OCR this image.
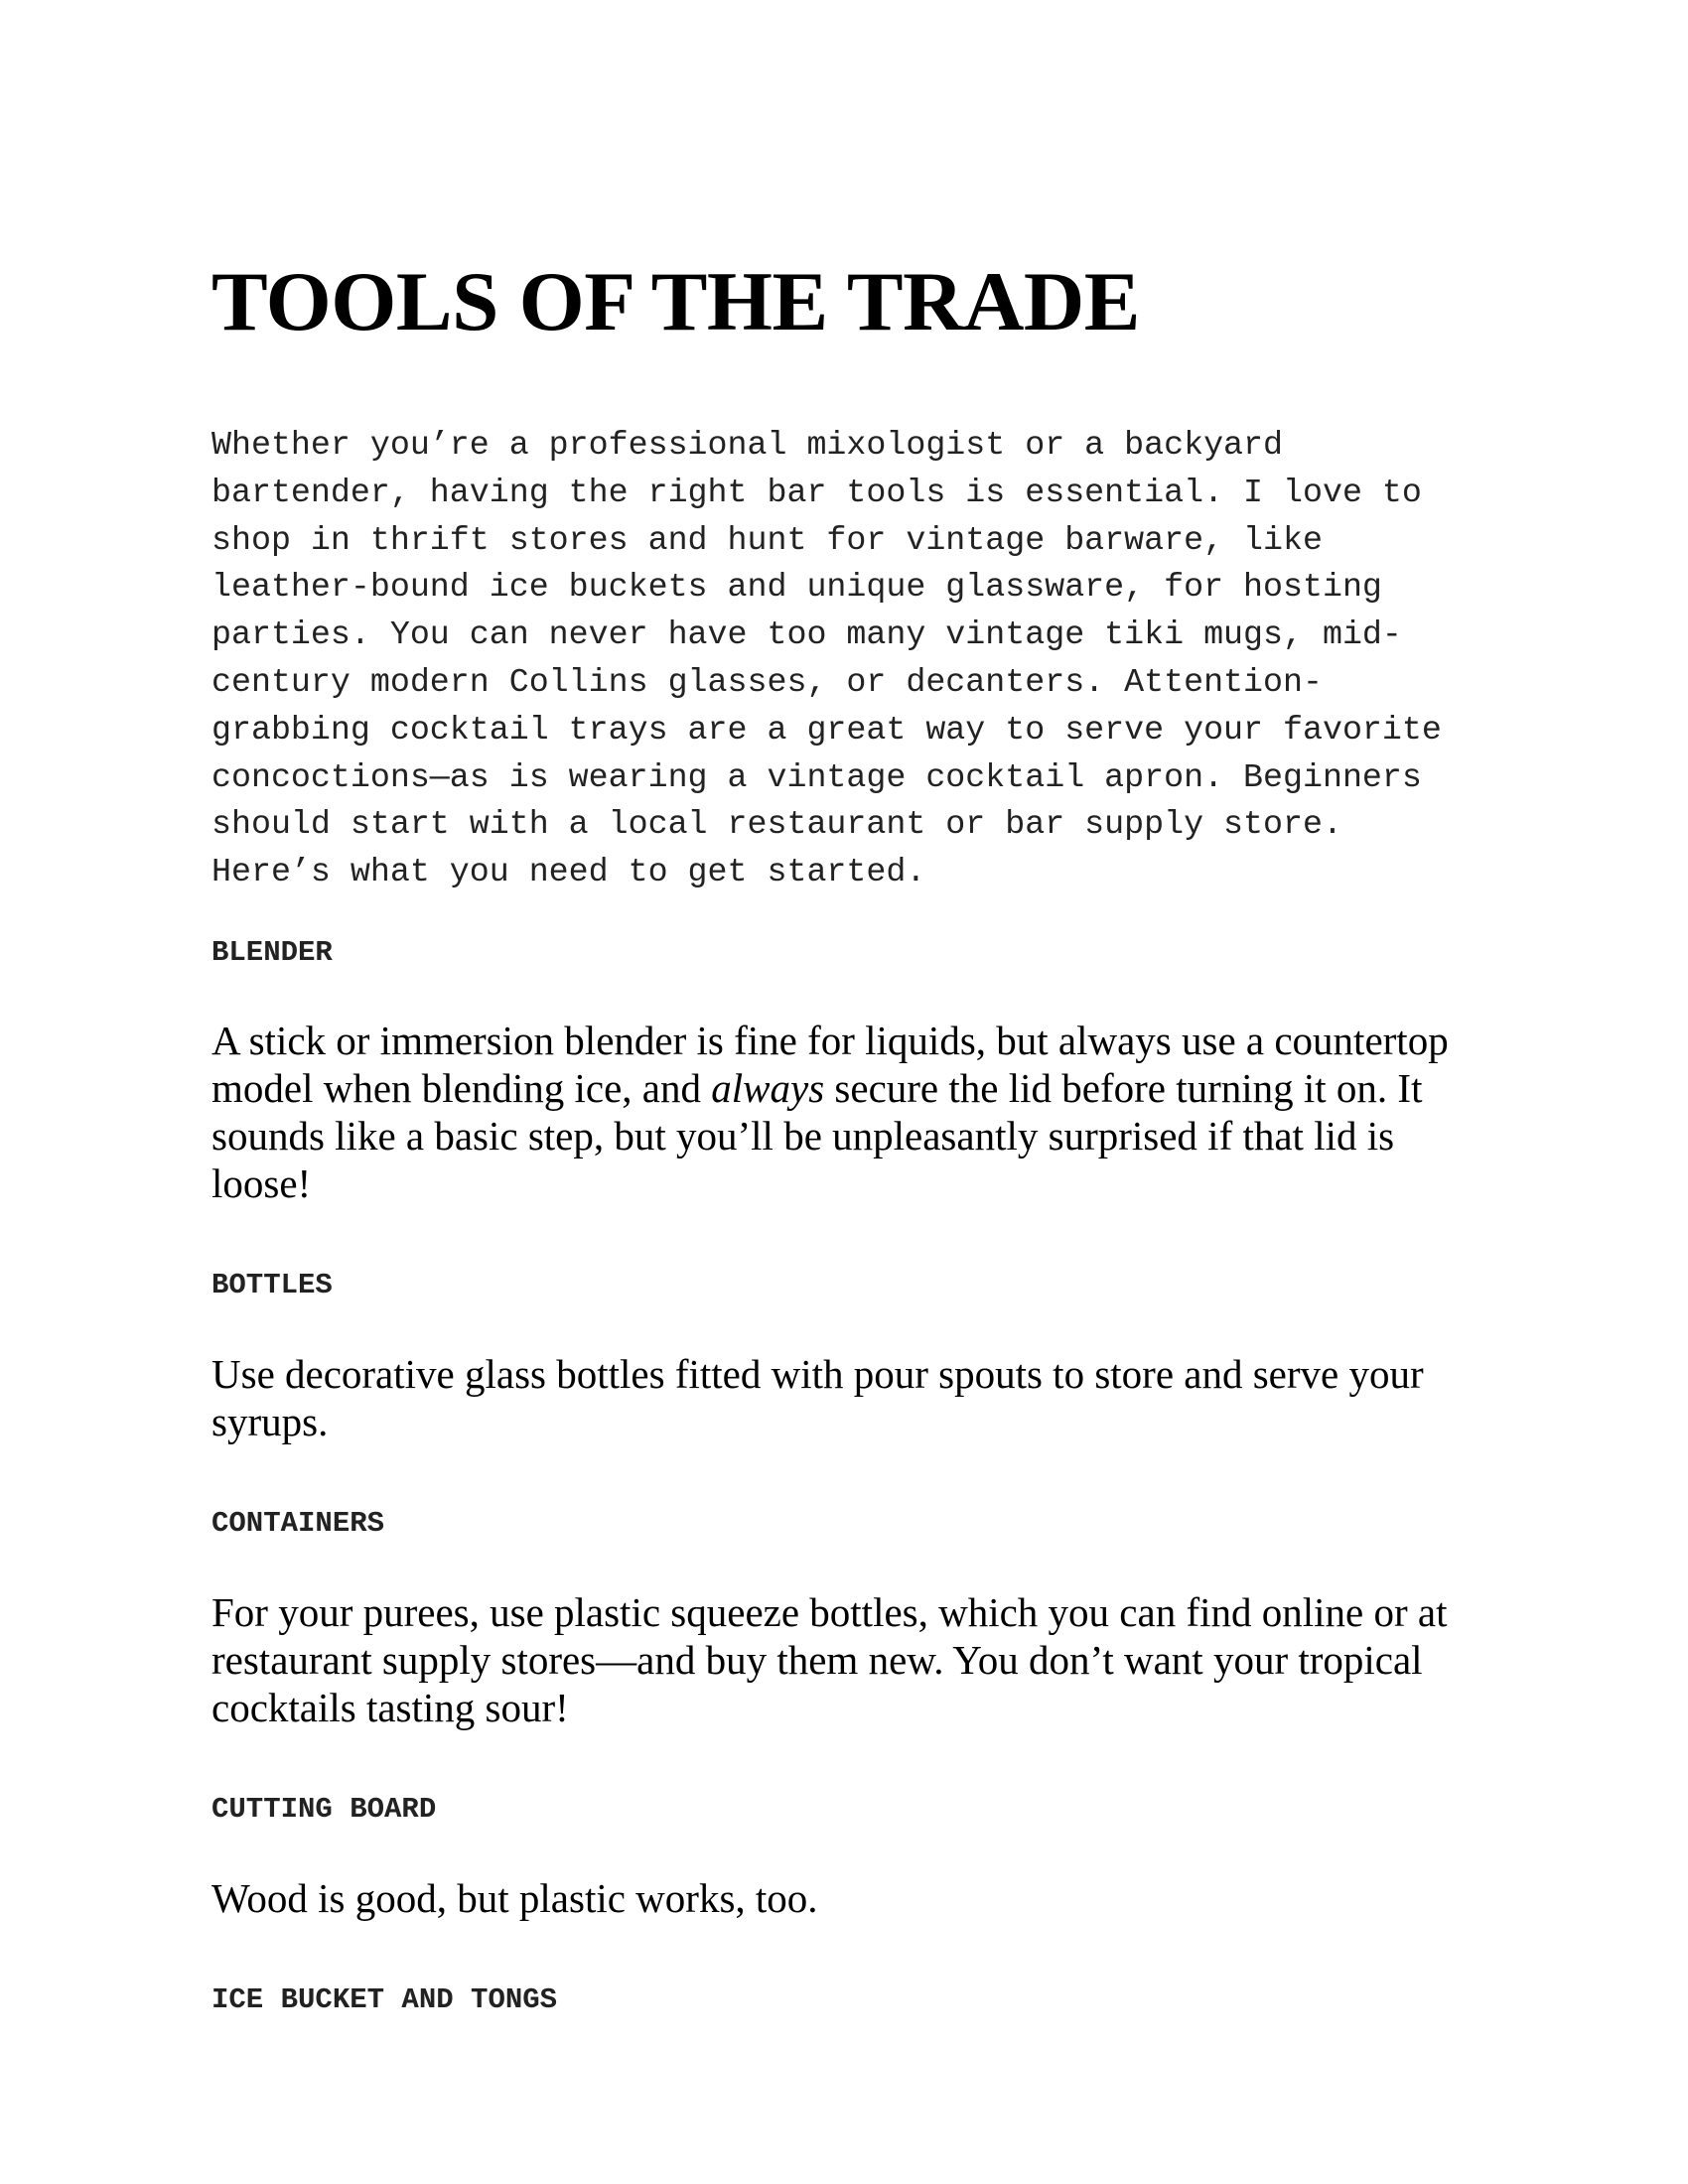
TOOLS OF THE TRADE

Whether you’re a professional mixologist or a backyard
bartender, having the right bar tools is essential. I love to
shop in thrift stores and hunt for vintage barware, like
leather-bound ice buckets and unique glassware, for hosting
parties. You can never have too many vintage tiki mugs, mid-
century modern Collins glasses, or decanters. Attention-
grabbing cocktail trays are a great way to serve your favorite
concoctions—as is wearing a vintage cocktail apron. Beginners
should start with a local restaurant or bar supply store.
Here’s what you need to get started.

BLENDER

A stick or immersion blender is fine for liquids, but always use a countertop
model when blending ice, and always secure the lid before turning it on. It
sounds like a basic step, but you’ll be unpleasantly surprised if that lid is
loose!

BOTTLES

Use decorative glass bottles fitted with pour spouts to store and serve your
syrups.

CONTAINERS

For your purees, use plastic squeeze bottles, which you can find online or at
restaurant supply stores—and buy them new. You don’t want your tropical
cocktails tasting sour!

CUTTING BOARD

Wood is good, but plastic works, too.

ICE BUCKET AND TONGS
